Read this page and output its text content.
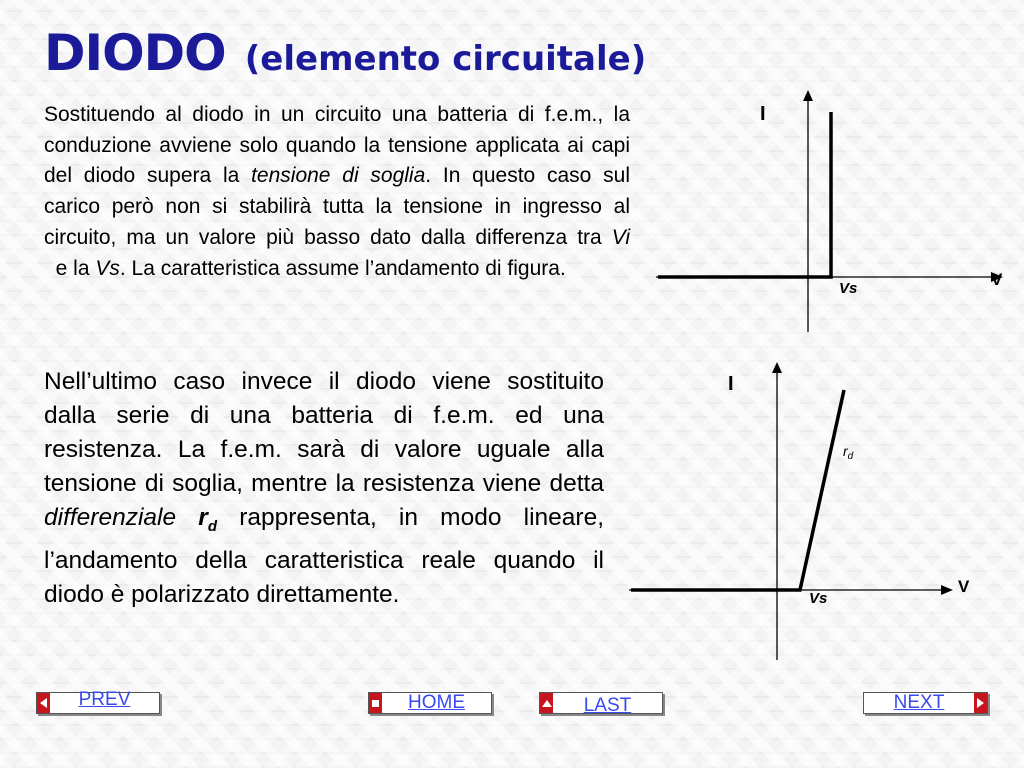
DIODO (elemento circuitale)

Sostituendo al diodo in un circuito una batteria di f.e.m., la conduzione avviene solo quando la tensione applicata ai capi del diodo supera la tensione di soglia. In questo caso sul carico però non si stabilirà tutta la tensione in ingresso al circuito, ma un valore più basso dato dalla differenza tra Vi  e la Vs. La caratteristica assume l’andamento di figura.

Nell’ultimo caso invece il diodo viene sostituito dalla serie di una batteria di f.e.m. ed una resistenza. La f.e.m. sarà di valore uguale alla tensione di soglia, mentre la resistenza viene detta differenziale $r_d$ rappresenta, in modo lineare, l’andamento della caratteristica reale quando il diodo è polarizzato direttamente.

I
V
Vs
I
V
Vs
$r_d$
PREV	HOME	LAST	NEXT
